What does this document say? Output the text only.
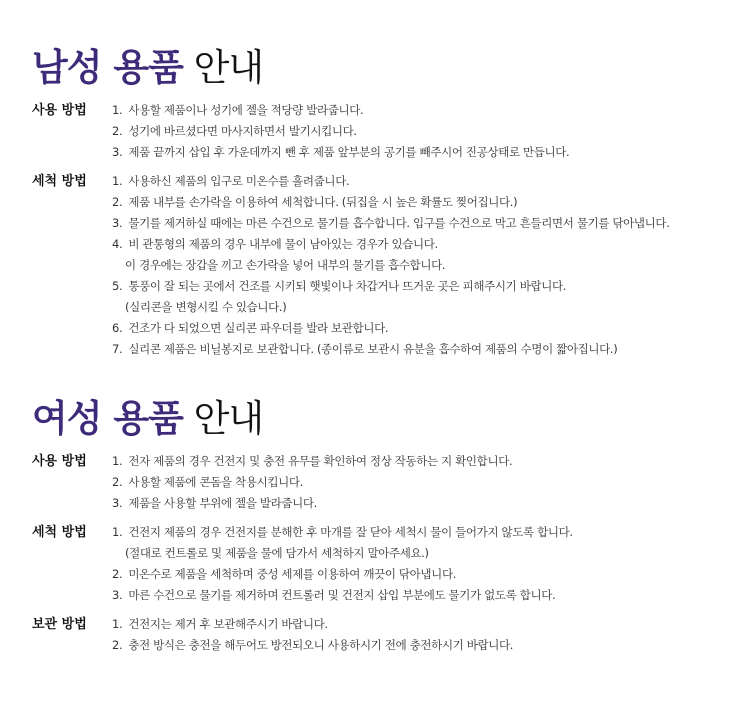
남성 용품 안내
사용 방법	1. 사용할 제품이나 성기에 젤을 적당량 발라줍니다.
2. 성기에 바르셨다면 마사지하면서 발기시킵니다.
3. 제품 끝까지 삽입 후 가운데까지 뺀 후 제품 앞부분의 공기를 빼주시어 진공상태로 만듭니다.
세척 방법	1. 사용하신 제품의 입구로 미온수를 흘려줍니다.
2. 제품 내부를 손가락을 이용하여 세척합니다. (뒤집을 시 높은 확률도 찢어집니다.)
3. 물기를 제거하실 때에는 마른 수건으로 물기를 흡수합니다. 입구를 수건으로 막고 흔들리면서 물기를 닦아냅니다.
4. 비 관통형의 제품의 경우 내부에 물이 남아있는 경우가 있습니다.
이 경우에는 장갑을 끼고 손가락을 넣어 내부의 물기를 흡수합니다.
5. 통풍이 잘 되는 곳에서 건조를 시키되 햇빛이나 차갑거나 뜨거운 곳은 피해주시기 바랍니다.
(실리콘을 변형시킬 수 있습니다.)
6. 건조가 다 되었으면 실리콘 파우더를 발라 보관합니다.
7. 실리콘 제품은 비닐봉지로 보관합니다. (종이류로 보관시 유분을 흡수하여 제품의 수명이 짧아집니다.)
여성 용품 안내
사용 방법	1. 전자 제품의 경우 건전지 및 충전 유무를 확인하여 정상 작동하는 지 확인합니다.
2. 사용할 제품에 콘돔을 착용시킵니다.
3. 제품을 사용할 부위에 젤을 발라줍니다.
세척 방법	1. 건전지 제품의 경우 건전지를 분해한 후 마개를 잘 닫아 세척시 물이 들어가지 않도록 합니다.
(절대로 컨트롤로 및 제품을 물에 담가서 세척하지 말아주세요.)
2. 미온수로 제품을 세척하며 중성 세제를 이용하여 깨끗이 닦아냅니다.
3. 마른 수건으로 물기를 제거하며 컨트롤러 및 건전지 삽입 부분에도 물기가 없도록 합니다.
보관 방법	1. 건전지는 제거 후 보관해주시기 바랍니다.
2. 충전 방식은 충전을 해두어도 방전되오니 사용하시기 전에 충전하시기 바랍니다.
